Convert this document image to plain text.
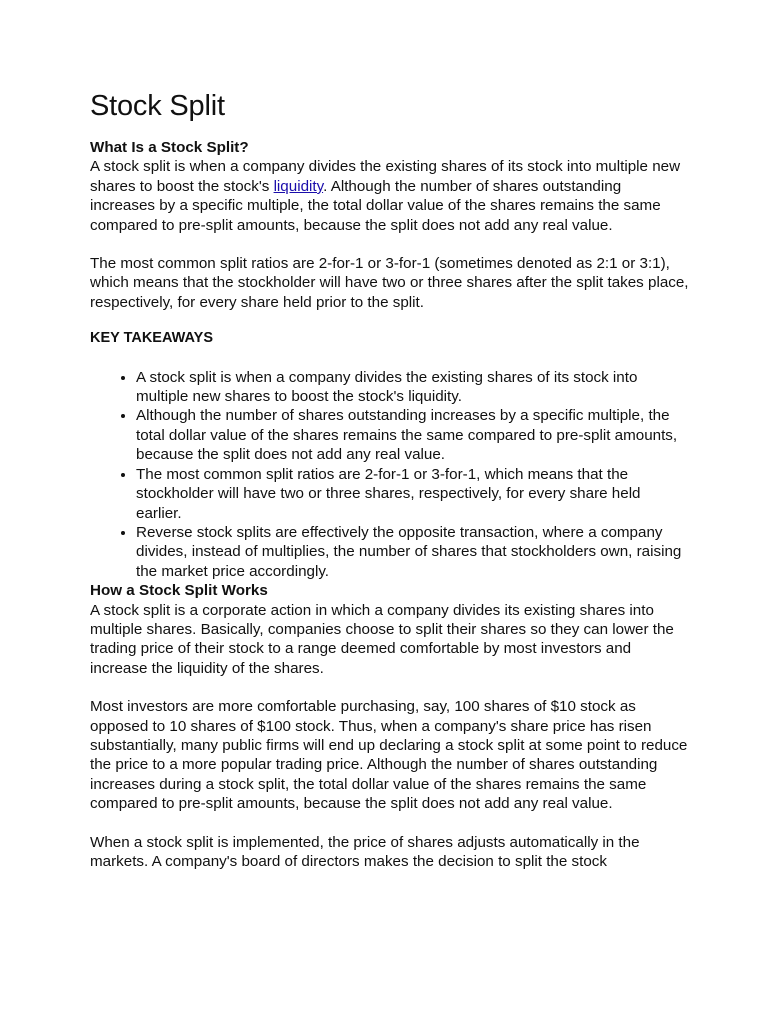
Stock Split
What Is a Stock Split?

A stock split is when a company divides the existing shares of its stock into multiple new shares to boost the stock's liquidity. Although the number of shares outstanding increases by a specific multiple, the total dollar value of the shares remains the same compared to pre-split amounts, because the split does not add any real value.

The most common split ratios are 2-for-1 or 3-for-1 (sometimes denoted as 2:1 or 3:1), which means that the stockholder will have two or three shares after the split takes place, respectively, for every share held prior to the split.

KEY TAKEAWAYS
• A stock split is when a company divides the existing shares of its stock into multiple new shares to boost the stock's liquidity.
• Although the number of shares outstanding increases by a specific multiple, the total dollar value of the shares remains the same compared to pre-split amounts, because the split does not add any real value.
• The most common split ratios are 2-for-1 or 3-for-1, which means that the stockholder will have two or three shares, respectively, for every share held earlier.
• Reverse stock splits are effectively the opposite transaction, where a company divides, instead of multiplies, the number of shares that stockholders own, raising the market price accordingly.
How a Stock Split Works

A stock split is a corporate action in which a company divides its existing shares into multiple shares. Basically, companies choose to split their shares so they can lower the trading price of their stock to a range deemed comfortable by most investors and increase the liquidity of the shares.

Most investors are more comfortable purchasing, say, 100 shares of $10 stock as opposed to 10 shares of $100 stock. Thus, when a company's share price has risen substantially, many public firms will end up declaring a stock split at some point to reduce the price to a more popular trading price. Although the number of shares outstanding increases during a stock split, the total dollar value of the shares remains the same compared to pre-split amounts, because the split does not add any real value.

When a stock split is implemented, the price of shares adjusts automatically in the markets. A company's board of directors makes the decision to split the stock
